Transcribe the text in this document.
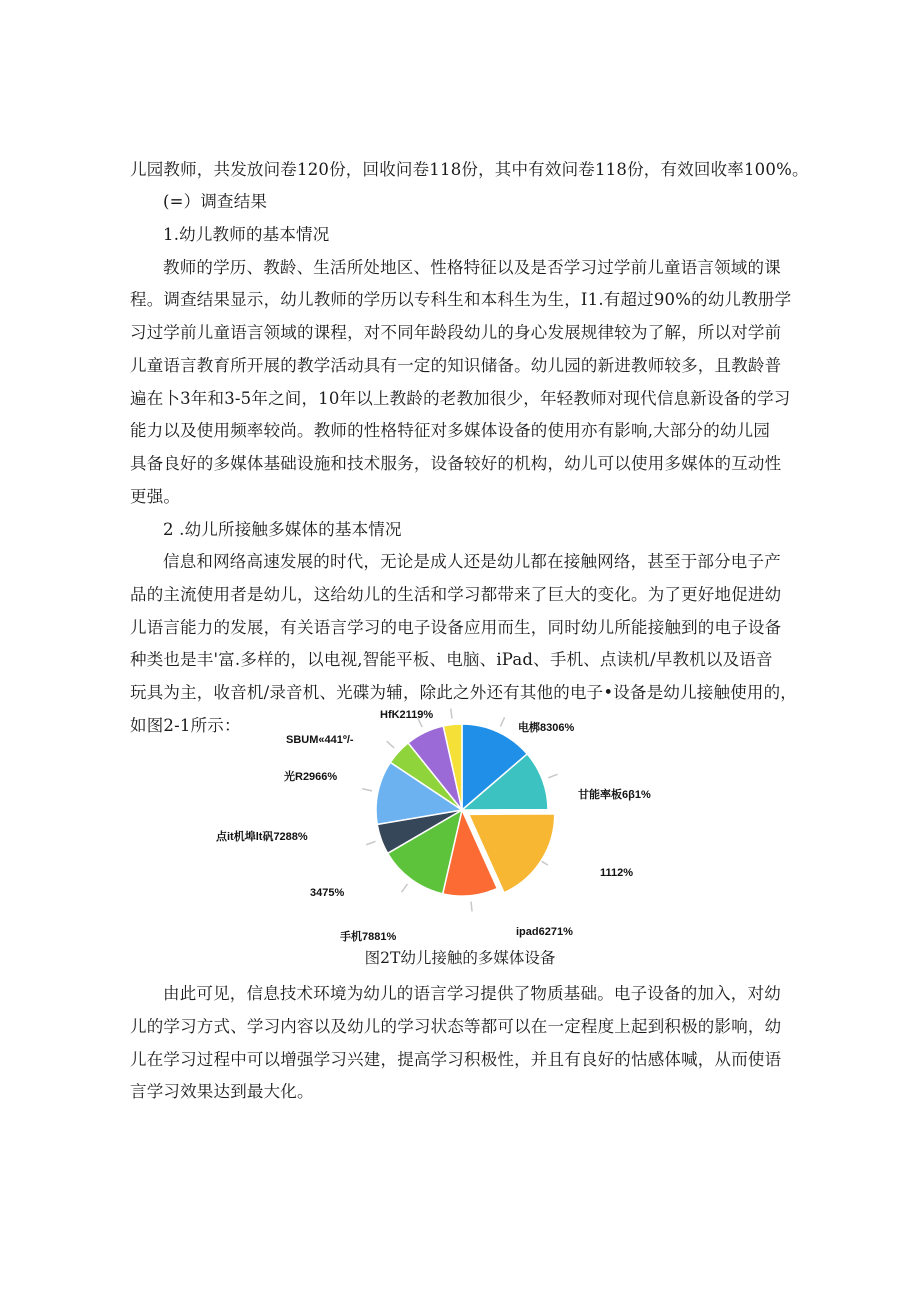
儿园教师，共发放问卷120份，回收问卷118份，其中有效问卷118份，有效回收率100%。
(=）调查结果
1.幼儿教师的基本情况
教师的学历、教龄、生活所处地区、性格特征以及是否学习过学前儿童语言领域的课
程。调查结果显示，幼儿教师的学历以专科生和本科生为生，I1.有超过90%的幼儿教册学
习过学前儿童语言领域的课程，对不同年龄段幼儿的身心发展规律较为了解，所以对学前
儿童语言教育所开展的教学活动具有一定的知识储备。幼儿园的新进教师较多，且教龄普
遍在卜3年和3-5年之间，10年以上教龄的老教加很少，年轻教师对现代信息新设备的学习
能力以及使用频率较尚。教师的性格特征对多媒体设备的使用亦有影响,大部分的幼儿园
具备良好的多媒体基础设施和技术服务，设备较好的机构，幼儿可以使用多媒体的互动性
更强。
2 .幼儿所接触多媒体的基本情况
信息和网络高速发展的时代，无论是成人还是幼儿都在接触网络，甚至于部分电子产
品的主流使用者是幼儿，这给幼儿的生活和学习都带来了巨大的变化。为了更好地促进幼
儿语言能力的发展，有关语言学习的电子设备应用而生，同时幼儿所能接触到的电子设备
种类也是丰'富.多样的，以电视,智能平板、电脑、iPad、手机、点读机/早教机以及语音
玩具为主，收音机/录音机、光碟为辅，除此之外还有其他的电子•设备是幼儿接触使用的，
如图2-1所示：	电梆8306%
甘能率板6β1%
1112%
ipad6271%
手机7881%
3475%
点it机埠lt矾7288%
光R2966%
SBUM«441º/-
HfK2119%
图2T幼儿接触的多媒体设备
由此可见，信息技术环境为幼儿的语言学习提供了物质基础。电子设备的加入，对幼
儿的学习方式、学习内容以及幼儿的学习状态等都可以在一定程度上起到积极的影响，幼
儿在学习过程中可以增强学习兴建，提高学习积极性，并且有良好的怙感体喊，从而使语
言学习效果达到最大化。
